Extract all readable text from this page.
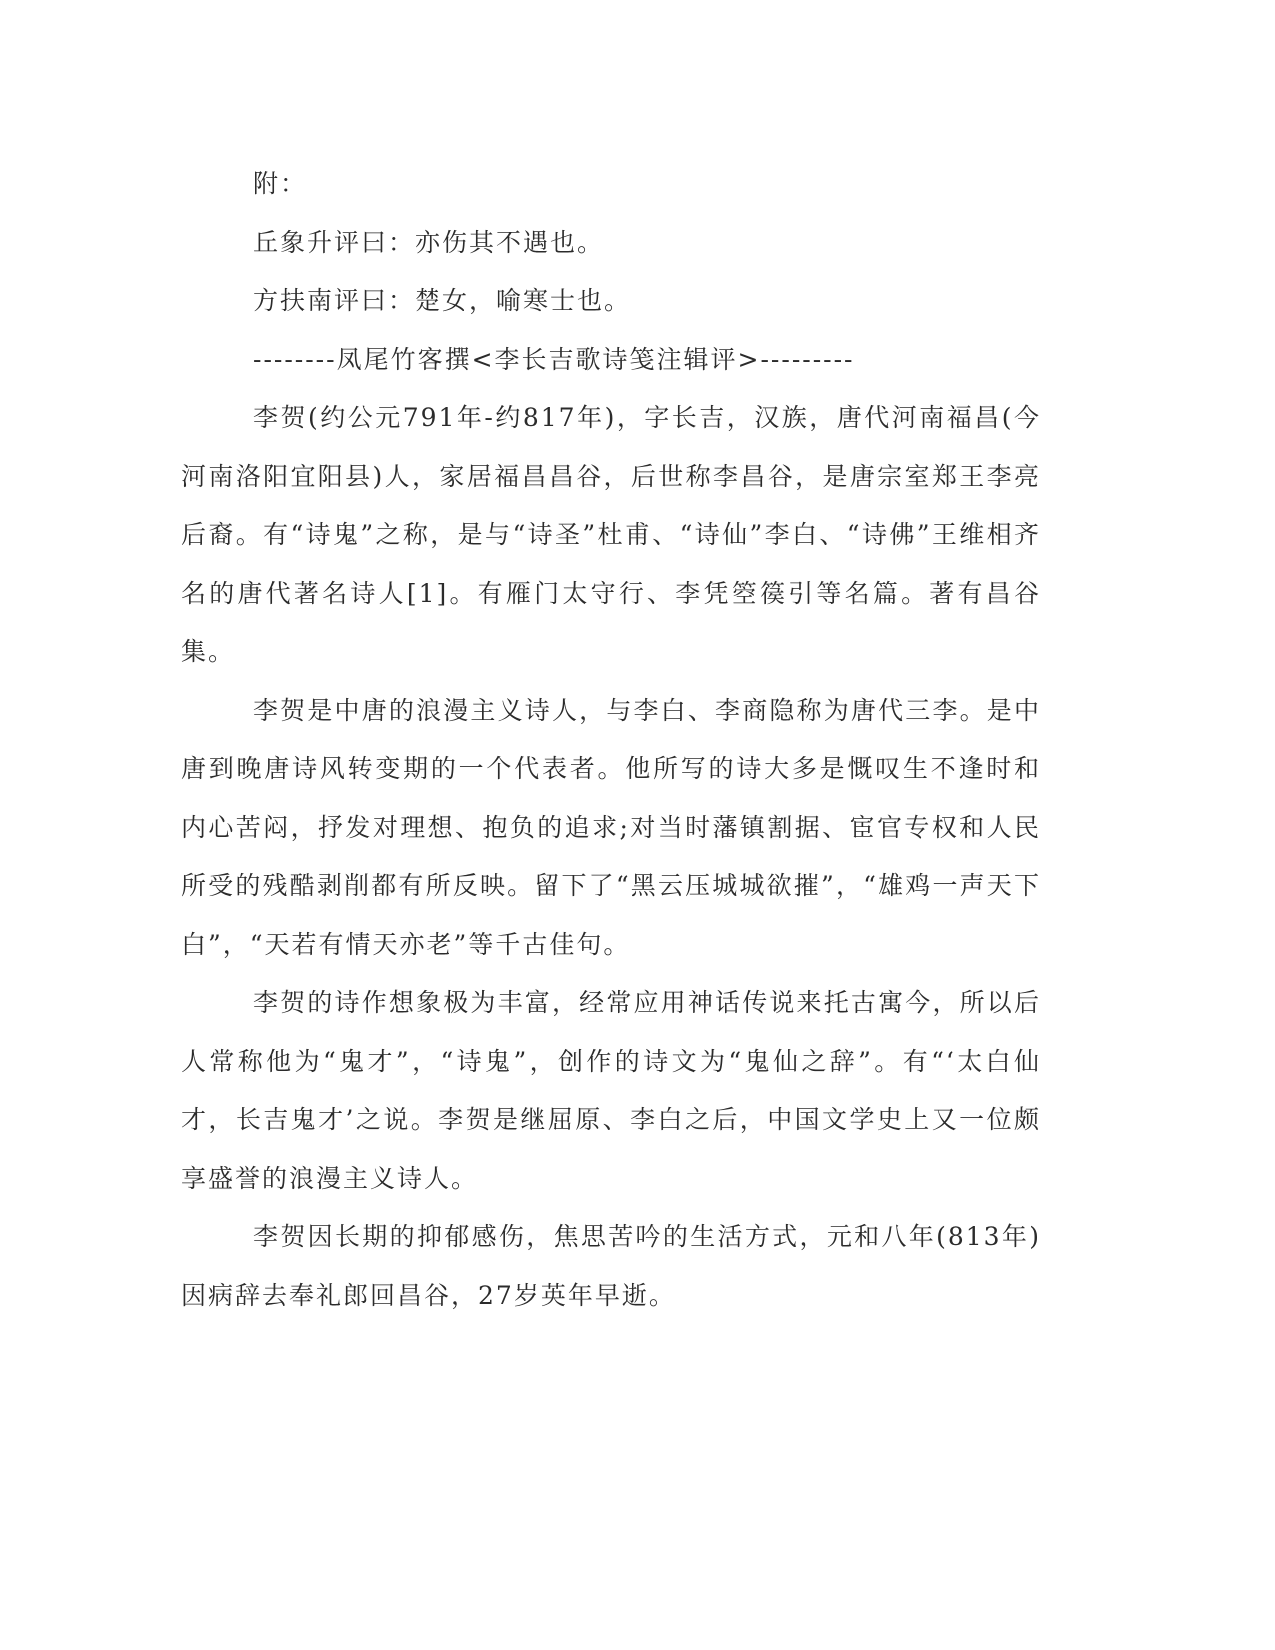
附：

丘象升评曰：亦伤其不遇也。

方扶南评曰：楚女，喻寒士也。

--------凤尾竹客撰<李长吉歌诗笺注辑评>---------

李贺(约公元791年-约817年)，字长吉，汉族，唐代河南福昌(今河南洛阳宜阳县)人，家居福昌昌谷，后世称李昌谷，是唐宗室郑王李亮后裔。有“诗鬼”之称，是与“诗圣”杜甫、“诗仙”李白、“诗佛”王维相齐名的唐代著名诗人[1]。有雁门太守行、李凭箜篌引等名篇。著有昌谷集。

李贺是中唐的浪漫主义诗人，与李白、李商隐称为唐代三李。是中唐到晚唐诗风转变期的一个代表者。他所写的诗大多是慨叹生不逢时和内心苦闷，抒发对理想、抱负的追求;对当时藩镇割据、宦官专权和人民所受的残酷剥削都有所反映。留下了“黑云压城城欲摧”，“雄鸡一声天下白”，“天若有情天亦老”等千古佳句。

李贺的诗作想象极为丰富，经常应用神话传说来托古寓今，所以后人常称他为“鬼才”，“诗鬼”，创作的诗文为“鬼仙之辞”。有“‘太白仙才，长吉鬼才’之说。李贺是继屈原、李白之后，中国文学史上又一位颇享盛誉的浪漫主义诗人。

李贺因长期的抑郁感伤，焦思苦吟的生活方式，元和八年(813年)因病辞去奉礼郎回昌谷，27岁英年早逝。
